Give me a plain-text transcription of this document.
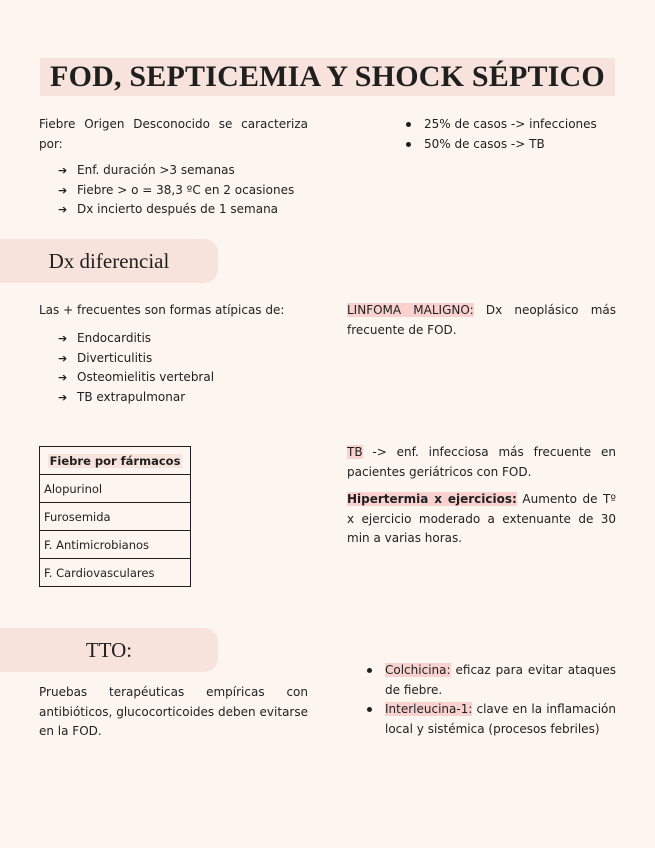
FOD, SEPTICEMIA Y SHOCK SÉPTICO
Fiebre Origen Desconocido se caracteriza por:
➔ Enf. duración >3 semanas
➔ Fiebre > o = 38,3 ºC en 2 ocasiones
➔ Dx incierto después de 1 semana
25% de casos -> infecciones
50% de casos -> TB
Dx diferencial
Las + frecuentes son formas atípicas de:
➔ Endocarditis
➔ Diverticulitis
➔ Osteomielitis vertebral
➔ TB extrapulmonar
LINFOMA MALIGNO: Dx neoplásico más frecuente de FOD.
Fiebre por fármacos
Alopurinol
Furosemida
F. Antimicrobianos
F. Cardiovasculares
TB -> enf. infecciosa más frecuente en pacientes geriátricos con FOD.
Hipertermia x ejercicios: Aumento de Tº x ejercicio moderado a extenuante de 30 min a varias horas.
TTO:
Pruebas terapéuticas empíricas con antibióticos, glucocorticoides deben evitarse en la FOD.
Colchicina: eficaz para evitar ataques de fiebre.
Interleucina-1: clave en la inflamación local y sistémica (procesos febriles)
